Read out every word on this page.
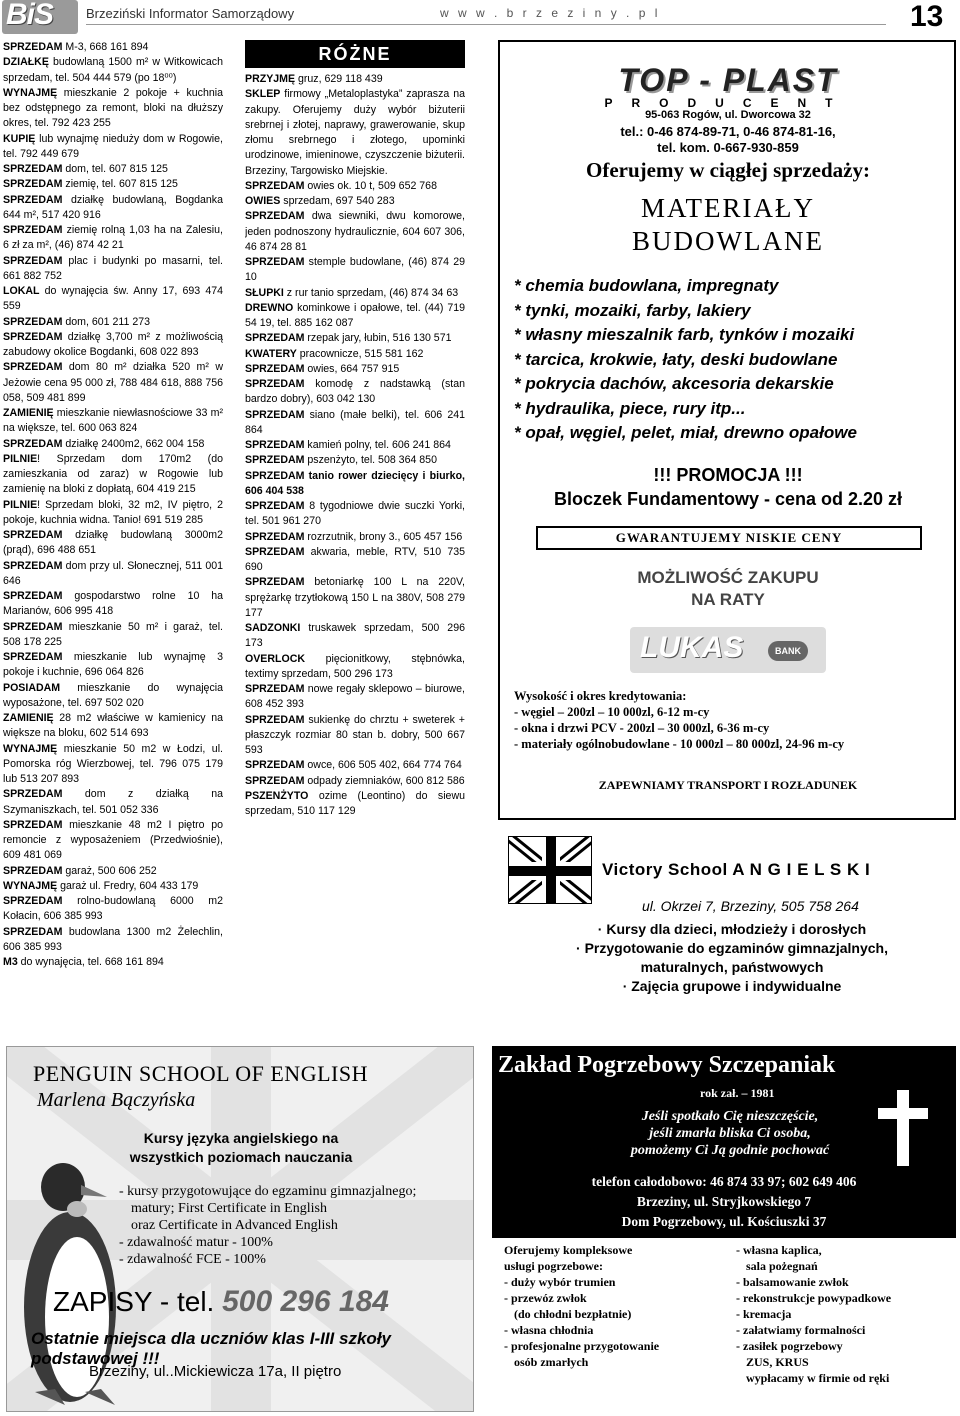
BiS	Brzeziński Informator Samorządowy	w w w . b r z e z i n y . p l	13

SPRZEDAM M-3, 668 161 894

DZIAŁKĘ budowlaną 1500 m² w Witkowicach sprzedam, tel. 504 444 579 (po 18⁰⁰)

WYNAJMĘ mieszkanie 2 pokoje + kuchnia bez odstępnego za remont, bloki na dłuższy okres, tel. 792 423 255

KUPIĘ lub wynajmę nieduży dom w Rogowie, tel. 792 449 679

SPRZEDAM dom, tel. 607 815 125

SPRZEDAM ziemię, tel. 607 815 125

SPRZEDAM działkę budowlaną, Bogdanka 644 m², 517 420 916

SPRZEDAM ziemię rolną 1,03 ha na Zalesiu, 6 zł za m², (46) 874 42 21

SPRZEDAM plac i budynki po masarni, tel. 661 882 752

LOKAL do wynajęcia św. Anny 17, 693 474 559

SPRZEDAM dom, 601 211 273

SPRZEDAM działkę 3,700 m² z możliwością zabudowy okolice Bogdanki, 608 022 893

SPRZEDAM dom 80 m² działka 520 m² w Jeżowie cena 95 000 zł, 788 484 618, 888 756 058, 509 481 899

ZAMIENIĘ mieszkanie niewłasnościowe 33 m² na większe, tel. 600 063 824

SPRZEDAM działkę 2400m2, 662 004 158

PILNIE! Sprzedam dom 170m2 (do zamieszkania od zaraz) w Rogowie lub zamienię na bloki z dopłatą, 604 419 215

PILNIE! Sprzedam bloki, 32 m2, IV piętro, 2 pokoje, kuchnia widna. Tanio! 691 519 285

SPRZEDAM działkę budowlaną 3000m2 (prąd), 696 488 651

SPRZEDAM dom przy ul. Słonecznej, 511 001 646

SPRZEDAM gospodarstwo rolne 10 ha Marianów, 606 995 418

SPRZEDAM mieszkanie 50 m² i garaż, tel. 508 178 225

SPRZEDAM mieszkanie lub wynajmę 3 pokoje i kuchnie, 696 064 826

POSIADAM mieszkanie do wynajęcia wyposażone, tel. 697 502 020

ZAMIENIĘ 28 m2 właściwe w kamienicy na większe na bloku, 602 514 693

WYNAJMĘ mieszkanie 50 m2 w Łodzi, ul. Pomorska róg Wierzbowej, tel. 796 075 179 lub 513 207 893

SPRZEDAM dom z działką na Szymaniszkach, tel. 501 052 336

SPRZEDAM mieszkanie 48 m2 I piętro po remoncie z wyposażeniem (Przedwiośnie), 609 481 069

SPRZEDAM garaż, 500 606 252

WYNAJMĘ garaż ul. Fredry, 604 433 179

SPRZEDAM rolno-budowlaną 6000 m2 Kołacin, 606 385 993

SPRZEDAM budowlana 1300 m2 Żelechlin, 606 385 993

M3 do wynajęcia, tel. 668 161 894

RÓŻNE

PRZYJMĘ gruz, 629 118 439

SKLEP firmowy „Metaloplastyka” zaprasza na zakupy. Oferujemy duży wybór biżuterii srebrnej i złotej, naprawy, grawerowanie, skup złomu srebrnego i złotego, upominki urodzinowe, imieninowe, czyszczenie biżuterii. Brzeziny, Targowisko Miejskie.

SPRZEDAM owies ok. 10 t, 509 652 768

OWIES sprzedam, 697 540 283

SPRZEDAM dwa siewniki, dwu komorowe, jeden podnoszony hydraulicznie, 604 607 306, 46 874 28 81

SPRZEDAM stemple budowlane, (46) 874 29 10

SŁUPKI z rur tanio sprzedam, (46) 874 34 63

DREWNO kominkowe i opałowe, tel. (44) 719 54 19, tel. 885 162 087

SPRZEDAM rzepak jary, łubin, 516 130 571

KWATERY pracownicze, 515 581 162

SPRZEDAM owies, 664 757 915

SPRZEDAM komodę z nadstawką (stan bardzo dobry), 603 042 130

SPRZEDAM siano (małe belki), tel. 606 241 864

SPRZEDAM kamień polny, tel. 606 241 864

SPRZEDAM pszenżyto, tel. 508 364 850

SPRZEDAM tanio rower dziecięcy i biurko, 606 404 538

SPRZEDAM 8 tygodniowe dwie suczki Yorki, tel. 501 961 270

SPRZEDAM rozrzutnik, brony 3., 605 457 156

SPRZEDAM akwaria, meble, RTV, 510 735 690

SPRZEDAM betoniarkę 100 L na 220V, sprężarkę trzytłokową 150 L na 380V, 508 279 177

SADZONKI truskawek sprzedam, 500 296 173

OVERLOCK pięcionitkowy, stębnówka, textimy sprzedam, 500 296 173

SPRZEDAM nowe regały sklepowo – biurowe, 608 452 393

SPRZEDAM sukienkę do chrztu + sweterek + płaszczyk rozmiar 80 stan b. dobry, 500 667 593

SPRZEDAM owce, 606 505 402, 664 774 764

SPRZEDAM odpady ziemniaków, 600 812 586

PSZENŻYTO ozime (Leontino) do siewu sprzedam, 510 117 129

TOP - PLAST
PRODUCENT
95-063 Rogów, ul. Dworcowa 32
tel.: 0-46 874-89-71, 0-46 874-81-16,
tel. kom. 0-667-930-859
Oferujemy w ciągłej sprzedaży:
MATERIAŁY
BUDOWLANE
* chemia budowlana, impregnaty
* tynki, mozaiki, farby, lakiery
* własny mieszalnik farb, tynków i mozaiki
* tarcica, krokwie, łaty, deski budowlane
* pokrycia dachów, akcesoria dekarskie
* hydraulika, piece, rury itp...
* opał, węgiel, pelet, miał, drewno opałowe
!!! PROMOCJA !!!
Bloczek Fundamentowy - cena od 2.20 zł
GWARANTUJEMY NISKIE CENY
MOŻLIWOŚĆ ZAKUPU
NA RATY
LUKAS	BANK
Wysokość i okres kredytowania:
- węgiel – 200zl – 10 000zl, 6-12 m-cy
- okna i drzwi PCV - 200zl – 30 000zl, 6-36 m-cy
- materiały ogólnobudowlane - 10 000zl – 80 000zl, 24-96 m-cy
ZAPEWNIAMY TRANSPORT I ROZŁADUNEK
Victory School A N G I E L S K I
ul. Okrzei 7, Brzeziny, 505 758 264
· Kursy dla dzieci, młodzieży i dorosłych
· Przygotowanie do egzaminów gimnazjalnych,
maturalnych, państwowych
· Zajęcia grupowe i indywidualne
PENGUIN SCHOOL OF ENGLISH
Marlena Bączyńska
Kursy języka angielskiego na
wszystkich poziomach nauczania
- kursy przygotowujące do egzaminu gimnazjalnego;
matury; First Certificate in English
oraz Certificate in Advanced English
- zdawalność matur - 100%
- zdawalność FCE - 100%
ZAPISY - tel. 500 296 184
Ostatnie miejsca dla uczniów klas I-III szkoły podstawowej !!!
Brzeziny, ul..Mickiewicza 17a, II piętro
Zakład Pogrzebowy Szczepaniak
rok zał. – 1981
Jeśli spotkało Cię nieszczęście,
jeśli zmarła bliska Ci osoba,
pomożemy Ci Ją godnie pochować
telefon całodobowo: 46 874 33 97; 602 649 406
Brzeziny, ul. Stryjkowskiego 7
Dom Pogrzebowy, ul. Kościuszki 37
Oferujemy kompleksowe
usługi pogrzebowe:
- duży wybór trumien
- przewóz zwłok
(do chłodni bezpłatnie)
- własna chłodnia
- profesjonalne przygotowanie
osób zmarłych
- własna kaplica,
sala pożegnań
- balsamowanie zwłok
- rekonstrukcje powypadkowe
- kremacja
- załatwiamy formalności
- zasiłek pogrzebowy
ZUS, KRUS
wypłacamy w firmie od ręki
